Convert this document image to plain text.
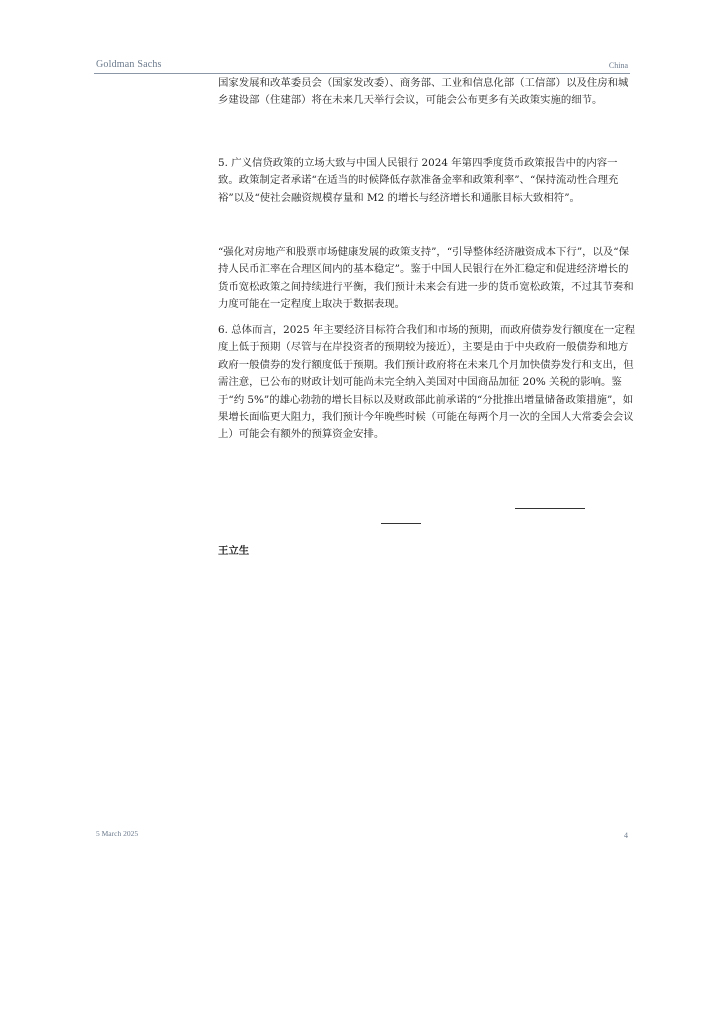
Goldman Sachs	China

国家发展和改革委员会（国家发改委）、商务部、工业和信息化部（工信部）以及住房和城乡建设部（住建部）将在未来几天举行会议，可能会公布更多有关政策实施的细节。

5. 广义信贷政策的立场大致与中国人民银行 2024 年第四季度货币政策报告中的内容一致。政策制定者承诺“在适当的时候降低存款准备金率和政策利率”、“保持流动性合理充裕”以及“使社会融资规模存量和 M2 的增长与经济增长和通胀目标大致相符”。

“强化对房地产和股票市场健康发展的政策支持”，“引导整体经济融资成本下行”，以及“保持人民币汇率在合理区间内的基本稳定”。鉴于中国人民银行在外汇稳定和促进经济增长的货币宽松政策之间持续进行平衡，我们预计未来会有进一步的货币宽松政策，不过其节奏和力度可能在一定程度上取决于数据表现。

6. 总体而言，2025 年主要经济目标符合我们和市场的预期，而政府债券发行额度在一定程度上低于预期（尽管与在岸投资者的预期较为接近），主要是由于中央政府一般债券和地方政府一般债券的发行额度低于预期。我们预计政府将在未来几个月加快债券发行和支出，但需注意，已公布的财政计划可能尚未完全纳入美国对中国商品加征 20% 关税的影响。鉴于“约 5%”的雄心勃勃的增长目标以及财政部此前承诺的“分批推出增量储备政策措施”，如果增长面临更大阻力，我们预计今年晚些时候（可能在每两个月一次的全国人大常委会会议上）可能会有额外的预算资金安排。

王立生
5 March 2025	4
